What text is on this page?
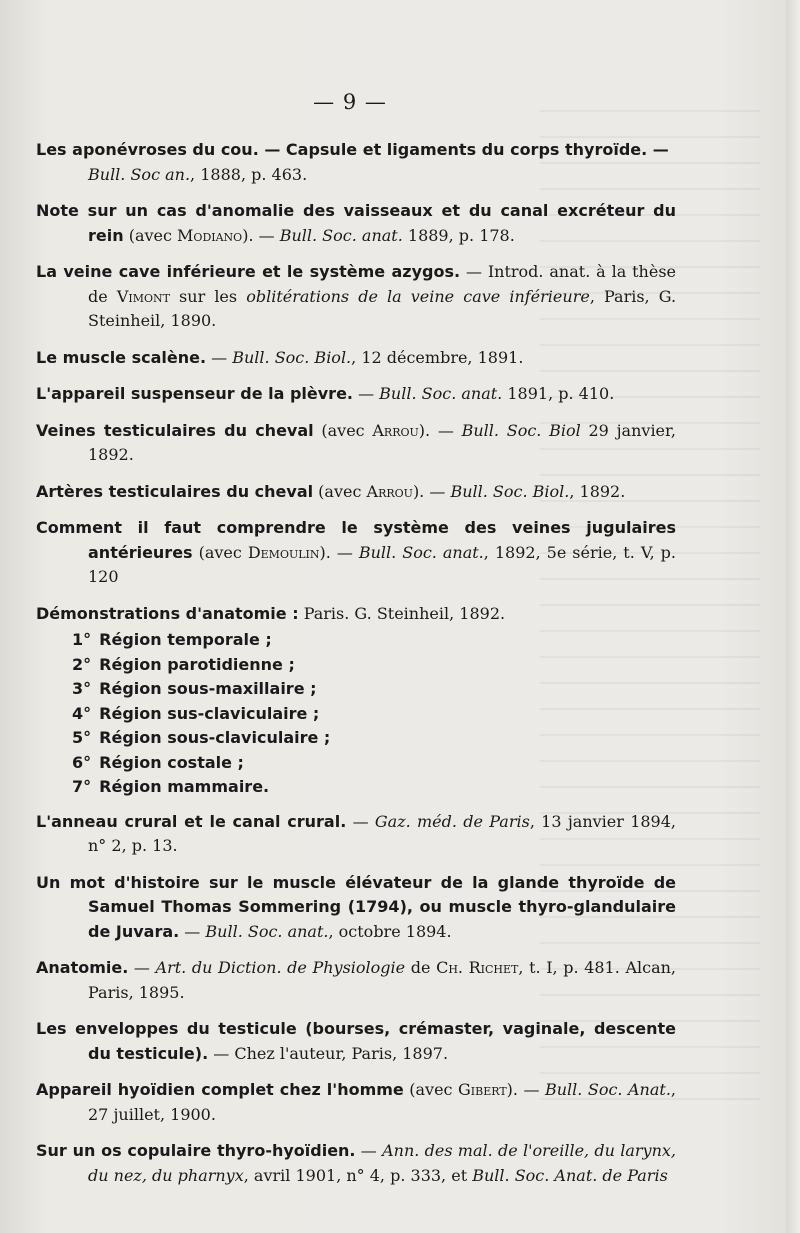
— 9 —
Les aponévroses du cou. — Capsule et ligaments du corps thyroïde. —
Bull. Soc an., 1888, p. 463.
Note sur un cas d'anomalie des vaisseaux et du canal excréteur du rein (avec Modiano). — Bull. Soc. anat. 1889, p. 178.
La veine cave inférieure et le système azygos. — Introd. anat. à la thèse de Vimont sur les oblitérations de la veine cave inférieure, Paris, G. Steinheil, 1890.
Le muscle scalène. — Bull. Soc. Biol., 12 décembre, 1891.
L'appareil suspenseur de la plèvre. — Bull. Soc. anat. 1891, p. 410.
Veines testiculaires du cheval (avec Arrou). — Bull. Soc. Biol 29 janvier, 1892.
Artères testiculaires du cheval (avec Arrou). — Bull. Soc. Biol., 1892.
Comment il faut comprendre le système des veines jugulaires antérieures (avec Demoulin). — Bull. Soc. anat., 1892, 5e série, t. V, p. 120
Démonstrations d'anatomie : Paris. G. Steinheil, 1892.
1° Région temporale ;
2° Région parotidienne ;
3° Région sous-maxillaire ;
4° Région sus-claviculaire ;
5° Région sous-claviculaire ;
6° Région costale ;
7° Région mammaire.
L'anneau crural et le canal crural. — Gaz. méd. de Paris, 13 janvier 1894, n° 2, p. 13.
Un mot d'histoire sur le muscle élévateur de la glande thyroïde de Samuel Thomas Sommering (1794), ou muscle thyro-glandulaire de Juvara. — Bull. Soc. anat., octobre 1894.
Anatomie. — Art. du Diction. de Physiologie de Ch. Richet, t. I, p. 481. Alcan, Paris, 1895.
Les enveloppes du testicule (bourses, crémaster, vaginale, descente du testicule). — Chez l'auteur, Paris, 1897.
Appareil hyoïdien complet chez l'homme (avec Gibert). — Bull. Soc. Anat., 27 juillet, 1900.
Sur un os copulaire thyro-hyoïdien. — Ann. des mal. de l'oreille, du larynx, du nez, du pharnyx, avril 1901, n° 4, p. 333, et Bull. Soc. Anat. de Paris
